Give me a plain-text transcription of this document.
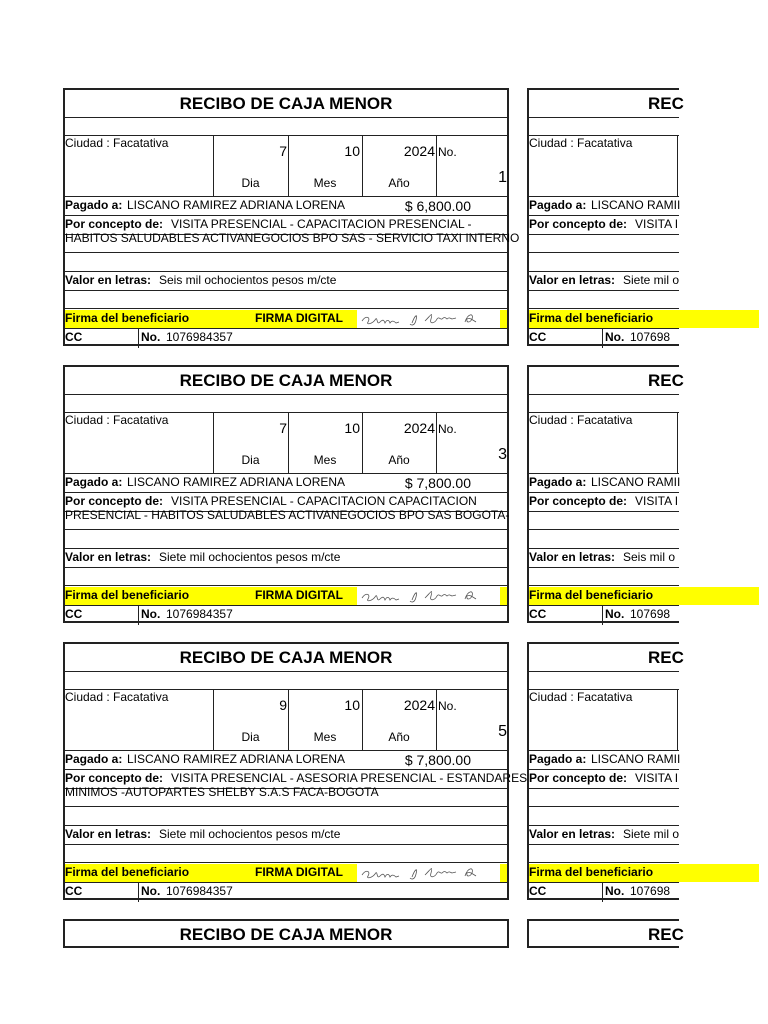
RECIBO DE CAJA MENOR
Ciudad : Facatativa	7	10	2024 No.
1
Dia	Mes	Año
Pagado a: LISCANO RAMIREZ ADRIANA LORENA	$ 6,800.00
Por concepto de: VISITA PRESENCIAL - CAPACITACION PRESENCIAL -
HABITOS SALUDABLES ACTIVANEGOCIOS BPO SAS - SERVICIO TAXI INTERNO
Valor en letras: Seis mil ochocientos pesos m/cte
Firma del beneficiario	FIRMA DIGITAL
CC	No. 1076984357
RECIBO DE CAJA MENOR
Ciudad : Facatativa	7	10	2024 No.
3
Dia	Mes	Año
Pagado a: LISCANO RAMIREZ ADRIANA LORENA	$ 7,800.00
Por concepto de: VISITA PRESENCIAL - CAPACITACION CAPACITACION
PRESENCIAL - HABITOS SALUDABLES ACTIVANEGOCIOS BPO SAS BOGOTA-
Valor en letras: Siete mil ochocientos pesos m/cte
Firma del beneficiario	FIRMA DIGITAL
CC	No. 1076984357
RECIBO DE CAJA MENOR
Ciudad : Facatativa	9	10	2024 No.
5
Dia	Mes	Año
Pagado a: LISCANO RAMIREZ ADRIANA LORENA	$ 7,800.00
Por concepto de: VISITA PRESENCIAL - ASESORIA PRESENCIAL - ESTANDARES
MINIMOS -AUTOPARTES SHELBY S.A.S FACA-BOGOTA
Valor en letras: Siete mil ochocientos pesos m/cte
Firma del beneficiario	FIRMA DIGITAL
CC	No. 1076984357
REC
Ciudad : Facatativa
Pagado a: LISCANO RAMII
Por concepto de: VISITA I
Valor en letras: Siete mil o
Firma del beneficiario
CC	No. 107698
REC
Ciudad : Facatativa
Pagado a: LISCANO RAMII
Por concepto de: VISITA I
Valor en letras: Seis mil o
Firma del beneficiario
CC	No. 107698
REC
Ciudad : Facatativa
Pagado a: LISCANO RAMII
Por concepto de: VISITA I
Valor en letras: Siete mil o
Firma del beneficiario
CC	No. 107698
RECIBO DE CAJA MENOR	REC
